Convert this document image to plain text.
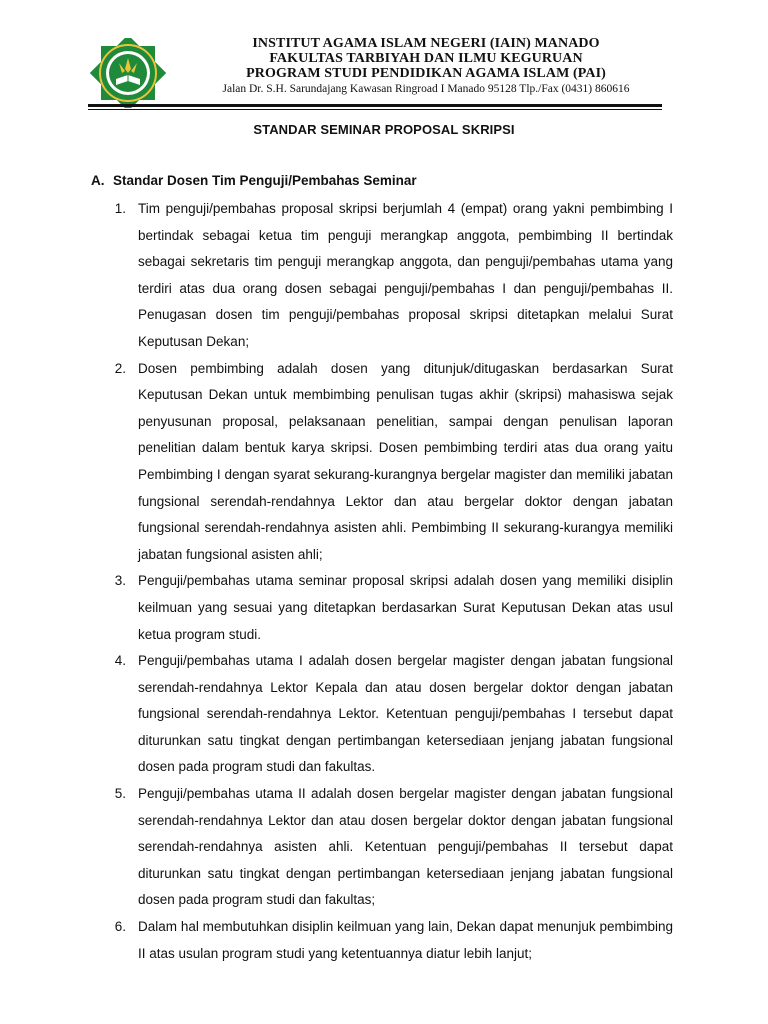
INSTITUT AGAMA ISLAM NEGERI (IAIN) MANADO
FAKULTAS TARBIYAH DAN ILMU KEGURUAN
PROGRAM STUDI PENDIDIKAN AGAMA ISLAM (PAI)
Jalan Dr. S.H. Sarundajang Kawasan Ringroad I Manado 95128 Tlp./Fax (0431) 860616
STANDAR SEMINAR PROPOSAL SKRIPSI
A. Standar Dosen Tim Penguji/Pembahas Seminar
1. Tim penguji/pembahas proposal skripsi berjumlah 4 (empat) orang yakni pembimbing I bertindak sebagai ketua tim penguji merangkap anggota, pembimbing II bertindak sebagai sekretaris tim penguji merangkap anggota, dan penguji/pembahas utama yang terdiri atas dua orang dosen sebagai penguji/pembahas I dan penguji/pembahas II. Penugasan dosen tim penguji/pembahas proposal skripsi ditetapkan melalui Surat Keputusan Dekan;
2. Dosen pembimbing adalah dosen yang ditunjuk/ditugaskan berdasarkan Surat Keputusan Dekan untuk membimbing penulisan tugas akhir (skripsi) mahasiswa sejak penyusunan proposal, pelaksanaan penelitian, sampai dengan penulisan laporan penelitian dalam bentuk karya skripsi. Dosen pembimbing terdiri atas dua orang yaitu Pembimbing I dengan syarat sekurang-kurangnya bergelar magister dan memiliki jabatan fungsional serendah-rendahnya Lektor dan atau bergelar doktor dengan jabatan fungsional serendah-rendahnya asisten ahli. Pembimbing II sekurang-kurangya memiliki jabatan fungsional asisten ahli;
3. Penguji/pembahas utama seminar proposal skripsi adalah dosen yang memiliki disiplin keilmuan yang sesuai yang ditetapkan berdasarkan Surat Keputusan Dekan atas usul ketua program studi.
4. Penguji/pembahas utama I adalah dosen bergelar magister dengan jabatan fungsional serendah-rendahnya Lektor Kepala dan atau dosen bergelar doktor dengan jabatan fungsional serendah-rendahnya Lektor. Ketentuan penguji/pembahas I tersebut dapat diturunkan satu tingkat dengan pertimbangan ketersediaan jenjang jabatan fungsional dosen pada program studi dan fakultas.
5. Penguji/pembahas utama II adalah dosen bergelar magister dengan jabatan fungsional serendah-rendahnya Lektor dan atau dosen bergelar doktor dengan jabatan fungsional serendah-rendahnya asisten ahli. Ketentuan penguji/pembahas II tersebut dapat diturunkan satu tingkat dengan pertimbangan ketersediaan jenjang jabatan fungsional dosen pada program studi dan fakultas;
6. Dalam hal membutuhkan disiplin keilmuan yang lain, Dekan dapat menunjuk pembimbing II atas usulan program studi yang ketentuannya diatur lebih lanjut;
